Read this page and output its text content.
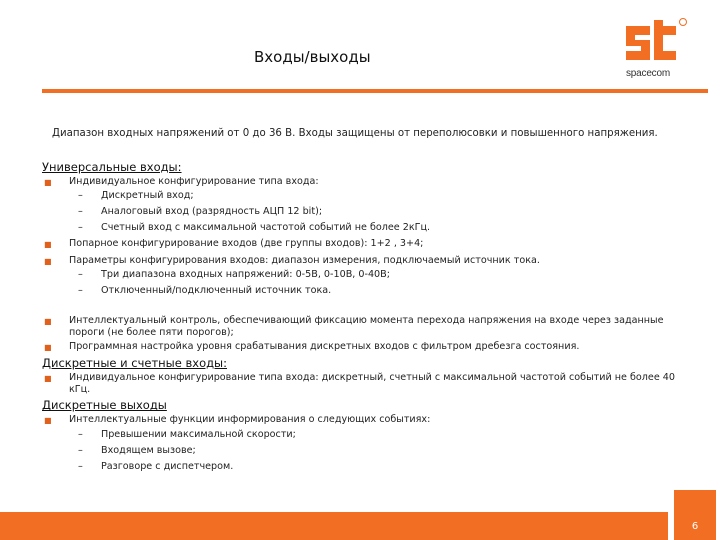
Входы/выходы
spacecom
Диапазон входных напряжений от 0 до 36 В. Входы защищены от переполюсовки и повышенного напряжения.
Универсальные входы:
■ Индивидуальное конфигурирование типа входа:
– Дискретный вход;
– Аналоговый вход (разрядность АЦП 12 bit);
– Счетный вход с максимальной частотой событий не более 2кГц.
■ Попарное конфигурирование входов (две группы входов): 1+2 , 3+4;
■ Параметры конфигурирования входов: диапазон измерения, подключаемый источник тока.
– Три диапазона входных напряжений: 0-5В, 0-10В, 0-40В;
– Отключенный/подключенный источник тока.
■ Интеллектуальный контроль, обеспечивающий фиксацию момента перехода напряжения на входе через заданные пороги (не более пяти порогов);
■ Программная настройка уровня срабатывания дискретных входов с фильтром дребезга состояния.
Дискретные и счетные входы:
■ Индивидуальное конфигурирование типа входа: дискретный, счетный с максимальной частотой событий не более 40 кГц.
Дискретные выходы
■ Интеллектуальные функции информирования о следующих событиях:
– Превышении максимальной скорости;
– Входящем вызове;
– Разговоре с диспетчером.
6
